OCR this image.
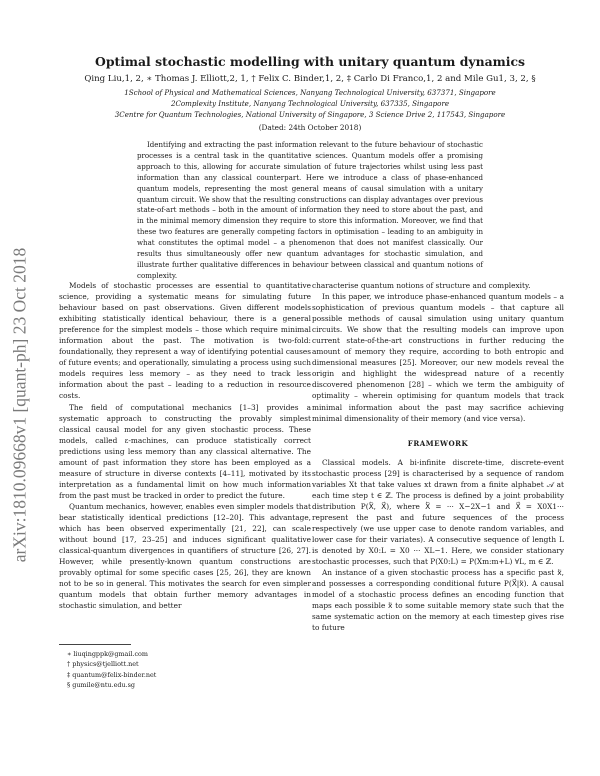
arXiv:1810.09668v1 [quant-ph] 23 Oct 2018
Optimal stochastic modelling with unitary quantum dynamics
Qing Liu,1, 2, ∗ Thomas J. Elliott,2, 1, † Felix C. Binder,1, 2, ‡ Carlo Di Franco,1, 2 and Mile Gu1, 3, 2, §
1School of Physical and Mathematical Sciences, Nanyang Technological University, 637371, Singapore
2Complexity Institute, Nanyang Technological University, 637335, Singapore
3Centre for Quantum Technologies, National University of Singapore, 3 Science Drive 2, 117543, Singapore
(Dated: 24th October 2018)

Identifying and extracting the past information relevant to the future behaviour of stochastic processes is a central task in the quantitative sciences. Quantum models offer a promising approach to this, allowing for accurate simulation of future trajectories whilst using less past information than any classical counterpart. Here we introduce a class of phase-enhanced quantum models, representing the most general means of causal simulation with a unitary quantum circuit. We show that the resulting constructions can display advantages over previous state-of-art methods – both in the amount of information they need to store about the past, and in the minimal memory dimension they require to store this information. Moreover, we find that these two features are generally competing factors in optimisation – leading to an ambiguity in what constitutes the optimal model – a phenomenon that does not manifest classically. Our results thus simultaneously offer new quantum advantages for stochastic simulation, and illustrate further qualitative differences in behaviour between classical and quantum notions of complexity.

Models of stochastic processes are essential to quantitative science, providing a systematic means for simulating future behaviour based on past observations. Given different models exhibiting statistically identical behaviour, there is a general preference for the simplest models – those which require minimal information about the past. The motivation is two-fold: foundationally, they represent a way of identifying potential causes of future events; and operationally, simulating a process using such models requires less memory – as they need to track less information about the past – leading to a reduction in resource costs.

The field of computational mechanics [1–3] provides a systematic approach to constructing the provably simplest classical causal model for any given stochastic process. These models, called ε-machines, can produce statistically correct predictions using less memory than any classical alternative. The amount of past information they store has been employed as a measure of structure in diverse contexts [4–11], motivated by its interpretation as a fundamental limit on how much information from the past must be tracked in order to predict the future.

Quantum mechanics, however, enables even simpler models that bear statistically identical predictions [12–20]. This advantage, which has been observed experimentally [21, 22], can scale without bound [17, 23–25] and induces significant qualitative classical-quantum divergences in quantifiers of structure [26, 27]. However, while presently-known quantum constructions are provably optimal for some specific cases [25, 26], they are known not to be so in general. This motivates the search for even simpler quantum models that obtain further memory advantages in stochastic simulation, and better

characterise quantum notions of structure and complexity.

In this paper, we introduce phase-enhanced quantum models – a sophistication of previous quantum models – that capture all possible methods of causal simulation using unitary quantum circuits. We show that the resulting models can improve upon current state-of-the-art constructions in further reducing the amount of memory they require, according to both entropic and dimensional measures [25]. Moreover, our new models reveal the origin and highlight the widespread nature of a recently discovered phenomenon [28] – which we term the ambiguity of optimality – wherein optimising for quantum models that track minimal information about the past may sacrifice achieving minimal dimensionality of their memory (and vice versa).

FRAMEWORK

Classical models. A bi-infinite discrete-time, discrete-event stochastic process [29] is characterised by a sequence of random variables Xt that take values xt drawn from a finite alphabet 𝒜 at each time step t ∈ ℤ. The process is defined by a joint probability distribution P(X⃖, X⃗), where X⃖ = ··· X−2X−1 and X⃗ = X0X1··· represent the past and future sequences of the process respectively (we use upper case to denote random variables, and lower case for their variates). A consecutive sequence of length L is denoted by X0:L = X0 ··· XL−1. Here, we consider stationary stochastic processes, such that P(X0:L) = P(Xm:m+L) ∀L, m ∈ ℤ.

An instance of a given stochastic process has a specific past x⃖, and possesses a corresponding conditional future P(X⃗|x⃖). A causal model of a stochastic process defines an encoding function that maps each possible x⃖ to some suitable memory state such that the same systematic action on the memory at each timestep gives rise to future

∗ liuqingppk@gmail.com
† physics@tjelliott.net
‡ quantum@felix-binder.net
§ gumile@ntu.edu.sg
